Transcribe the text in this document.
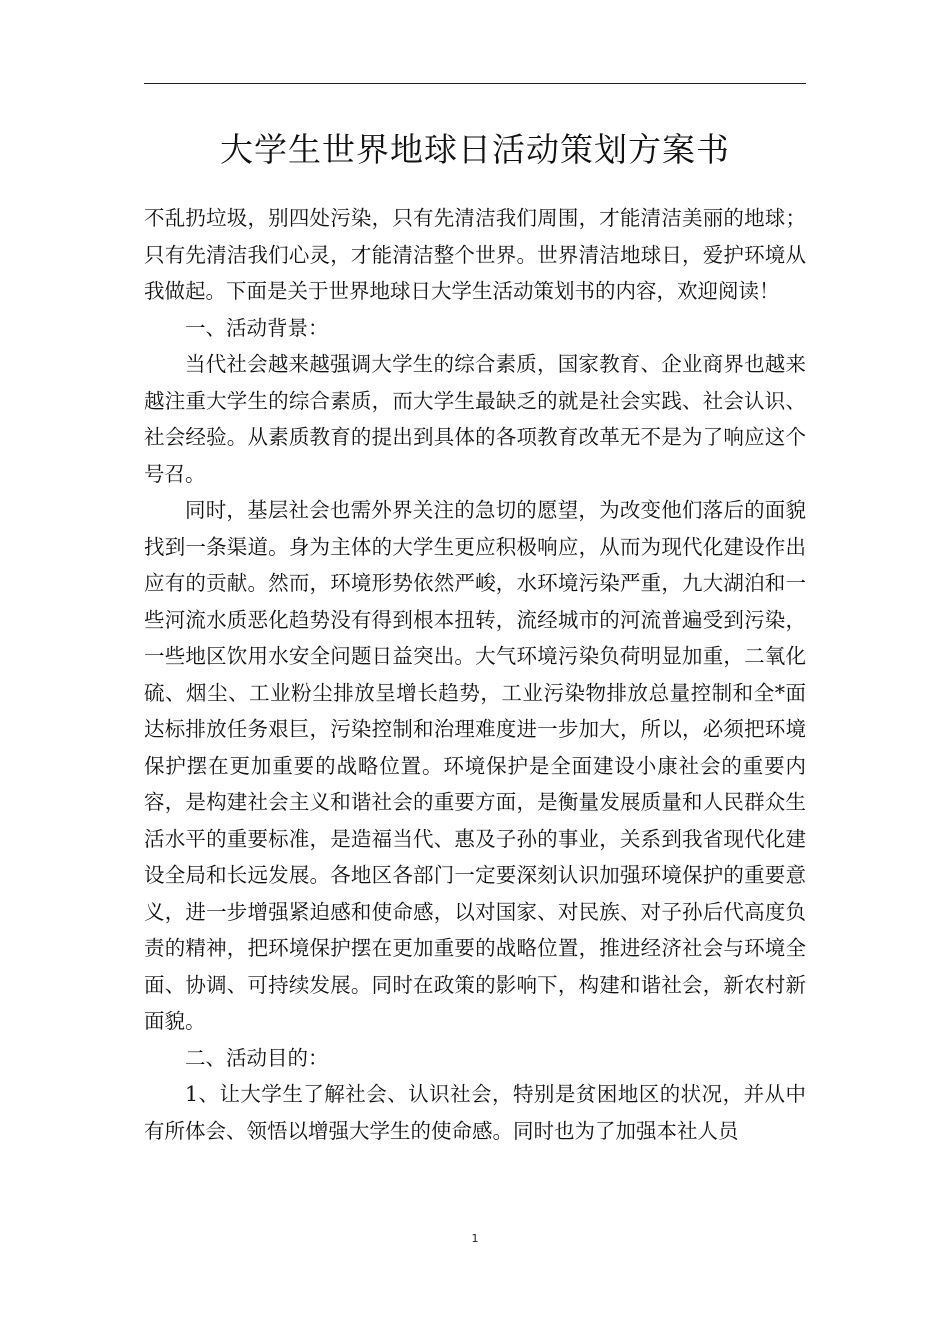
大学生世界地球日活动策划方案书

不乱扔垃圾，别四处污染，只有先清洁我们周围，才能清洁美丽的地球；只有先清洁我们心灵，才能清洁整个世界。世界清洁地球日，爱护环境从我做起。下面是关于世界地球日大学生活动策划书的内容，欢迎阅读！

一、活动背景：

当代社会越来越强调大学生的综合素质，国家教育、企业商界也越来越注重大学生的综合素质，而大学生最缺乏的就是社会实践、社会认识、社会经验。从素质教育的提出到具体的各项教育改革无不是为了响应这个号召。

同时，基层社会也需外界关注的急切的愿望，为改变他们落后的面貌找到一条渠道。身为主体的大学生更应积极响应，从而为现代化建设作出应有的贡献。然而，环境形势依然严峻，水环境污染严重，九大湖泊和一些河流水质恶化趋势没有得到根本扭转，流经城市的河流普遍受到污染，一些地区饮用水安全问题日益突出。大气环境污染负荷明显加重，二氧化硫、烟尘、工业粉尘排放呈增长趋势，工业污染物排放总量控制和全*面达标排放任务艰巨，污染控制和治理难度进一步加大，所以，必须把环境保护摆在更加重要的战略位置。环境保护是全面建设小康社会的重要内容，是构建社会主义和谐社会的重要方面，是衡量发展质量和人民群众生活水平的重要标准，是造福当代、惠及子孙的事业，关系到我省现代化建设全局和长远发展。各地区各部门一定要深刻认识加强环境保护的重要意义，进一步增强紧迫感和使命感，以对国家、对民族、对子孙后代高度负责的精神，把环境保护摆在更加重要的战略位置，推进经济社会与环境全面、协调、可持续发展。同时在政策的影响下，构建和谐社会，新农村新面貌。

二、活动目的：

1、让大学生了解社会、认识社会，特别是贫困地区的状况，并从中有所体会、领悟以增强大学生的使命感。同时也为了加强本社人员

1
